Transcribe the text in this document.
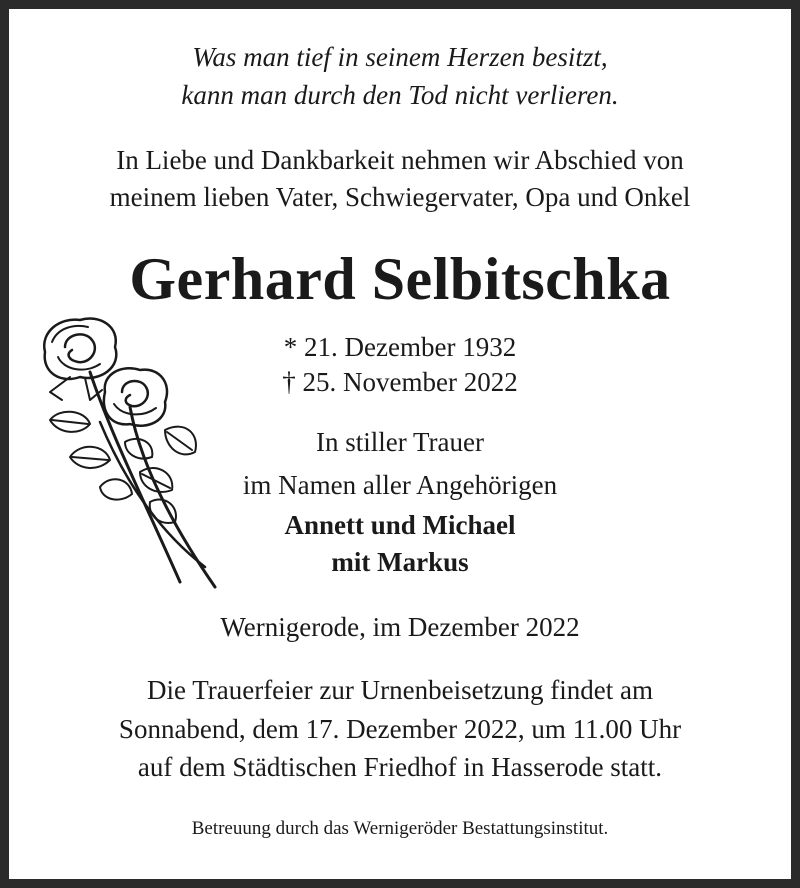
Was man tief in seinem Herzen besitzt,

kann man durch den Tod nicht verlieren.

In Liebe und Dankbarkeit nehmen wir Abschied von

meinem lieben Vater, Schwiegervater, Opa und Onkel

Gerhard Selbitschka

* 21. Dezember 1932

† 25. November 2022

In stiller Trauer

im Namen aller Angehörigen

Annett und Michael

mit Markus

Wernigerode, im Dezember 2022

Die Trauerfeier zur Urnenbeisetzung findet am

Sonnabend, dem 17. Dezember 2022, um 11.00 Uhr

auf dem Städtischen Friedhof in Hasserode statt.

Betreuung durch das Wernigeröder Bestattungsinstitut.
